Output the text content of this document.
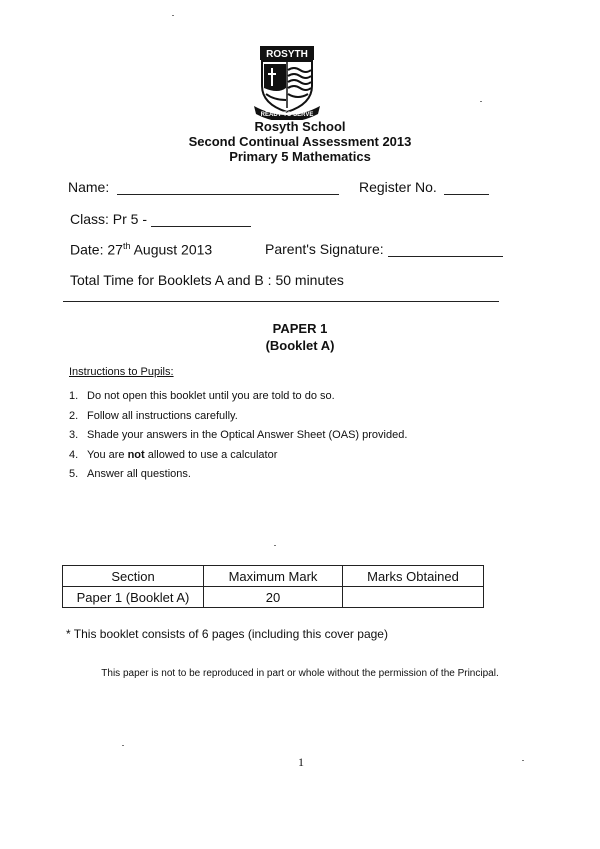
ROSYTH
READY TO SERVE
Rosyth School
Second Continual Assessment 2013
Primary 5 Mathematics
Name:	Register No.
Class: Pr 5 -
Date: 27th August 2013	Parent's Signature:
Total Time for Booklets A and B : 50 minutes
PAPER 1
(Booklet A)
Instructions to Pupils:
1. Do not open this booklet until you are told to do so.
2. Follow all instructions carefully.
3. Shade your answers in the Optical Answer Sheet (OAS) provided.
4. You are not allowed to use a calculator
5. Answer all questions.
Section	Maximum Mark	Marks Obtained
Paper 1 (Booklet A)	20	
* This booklet consists of 6 pages (including this cover page)
This paper is not to be reproduced in part or whole without the permission of the Principal.
1
